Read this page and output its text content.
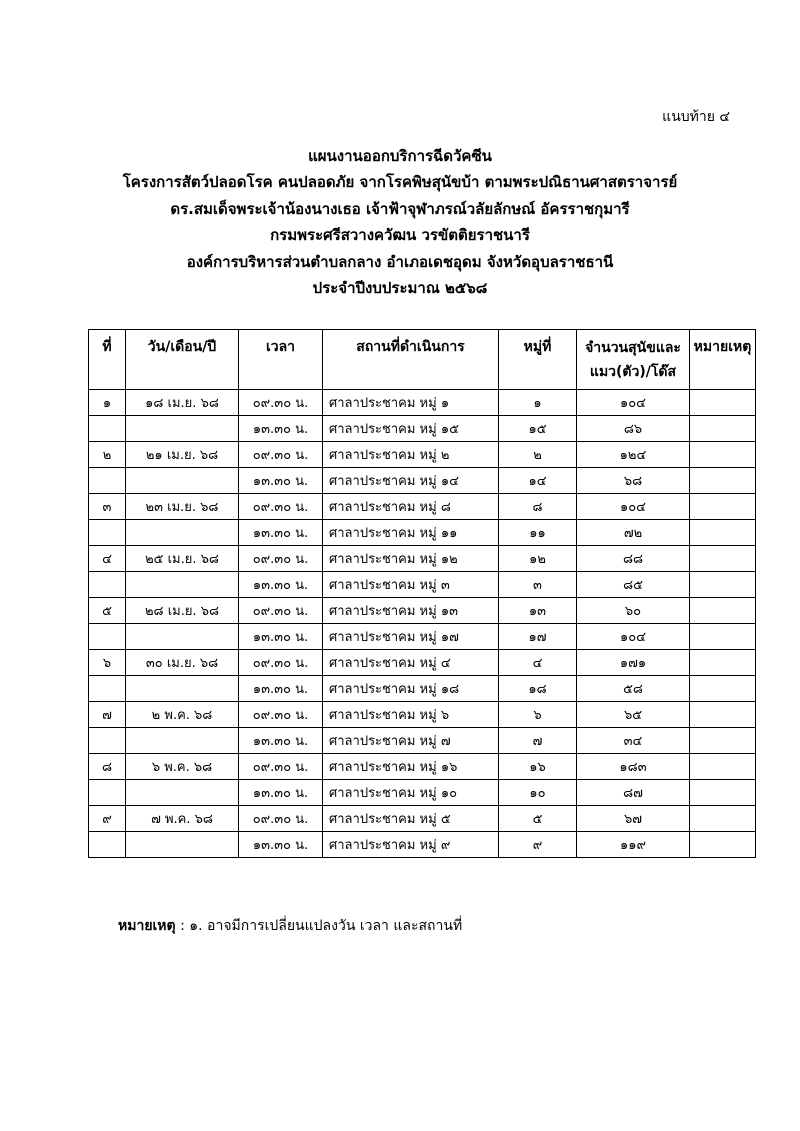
แนบท้าย ๔
แผนงานออกบริการฉีดวัคซีน
โครงการสัตว์ปลอดโรค คนปลอดภัย จากโรคพิษสุนัขบ้า ตามพระปณิธานศาสตราจารย์
ดร.สมเด็จพระเจ้าน้องนางเธอ เจ้าฟ้าจุฬาภรณ์วลัยลักษณ์ อัครราชกุมารี
กรมพระศรีสวางควัฒน วรขัตติยราชนารี
องค์การบริหารส่วนตำบลกลาง อำเภอเดชอุดม จังหวัดอุบลราชธานี
ประจำปีงบประมาณ ๒๕๖๘
ที่	วัน/เดือน/ปี	เวลา	สถานที่ดำเนินการ	หมู่ที่	จำนวนสุนัขและแมว(ตัว)/โด๊ส	หมายเหตุ
๑	๑๘ เม.ย. ๖๘	๐๙.๓๐ น.	ศาลาประชาคม หมู่ ๑	๑	๑๐๔	
		๑๓.๓๐ น.	ศาลาประชาคม หมู่ ๑๕	๑๕	๘๖	
๒	๒๑ เม.ย. ๖๘	๐๙.๓๐ น.	ศาลาประชาคม หมู่ ๒	๒	๑๒๔	
		๑๓.๓๐ น.	ศาลาประชาคม หมู่ ๑๔	๑๔	๖๘	
๓	๒๓ เม.ย. ๖๘	๐๙.๓๐ น.	ศาลาประชาคม หมู่ ๘	๘	๑๐๔	
		๑๓.๓๐ น.	ศาลาประชาคม หมู่ ๑๑	๑๑	๗๒	
๔	๒๕ เม.ย. ๖๘	๐๙.๓๐ น.	ศาลาประชาคม หมู่ ๑๒	๑๒	๘๘	
		๑๓.๓๐ น.	ศาลาประชาคม หมู่ ๓	๓	๘๕	
๕	๒๘ เม.ย. ๖๘	๐๙.๓๐ น.	ศาลาประชาคม หมู่ ๑๓	๑๓	๖๐	
		๑๓.๓๐ น.	ศาลาประชาคม หมู่ ๑๗	๑๗	๑๐๔	
๖	๓๐ เม.ย. ๖๘	๐๙.๓๐ น.	ศาลาประชาคม หมู่ ๔	๔	๑๗๑	
		๑๓.๓๐ น.	ศาลาประชาคม หมู่ ๑๘	๑๘	๕๘	
๗	๒ พ.ค. ๖๘	๐๙.๓๐ น.	ศาลาประชาคม หมู่ ๖	๖	๖๕	
		๑๓.๓๐ น.	ศาลาประชาคม หมู่ ๗	๗	๓๔	
๘	๖ พ.ค. ๖๘	๐๙.๓๐ น.	ศาลาประชาคม หมู่ ๑๖	๑๖	๑๘๓	
		๑๓.๓๐ น.	ศาลาประชาคม หมู่ ๑๐	๑๐	๘๗	
๙	๗ พ.ค. ๖๘	๐๙.๓๐ น.	ศาลาประชาคม หมู่ ๕	๕	๖๗	
		๑๓.๓๐ น.	ศาลาประชาคม หมู่ ๙	๙	๑๑๙	
หมายเหตุ : ๑. อาจมีการเปลี่ยนแปลงวัน เวลา และสถานที่
